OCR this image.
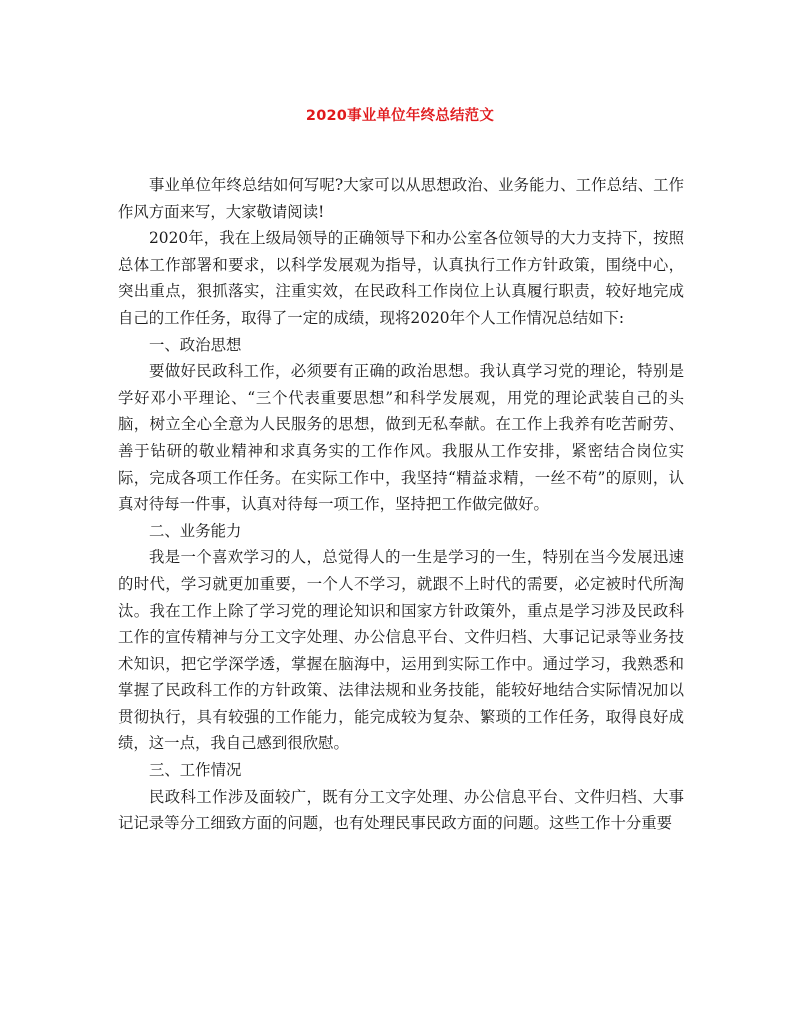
2020事业单位年终总结范文

事业单位年终总结如何写呢?大家可以从思想政治、业务能力、工作总结、工作作风方面来写，大家敬请阅读!

2020年，我在上级局领导的正确领导下和办公室各位领导的大力支持下，按照总体工作部署和要求，以科学发展观为指导，认真执行工作方针政策，围绕中心，突出重点，狠抓落实，注重实效，在民政科工作岗位上认真履行职责，较好地完成自己的工作任务，取得了一定的成绩，现将2020年个人工作情况总结如下:

一、政治思想

要做好民政科工作，必须要有正确的政治思想。我认真学习党的理论，特别是学好邓小平理论、“三个代表重要思想”和科学发展观，用党的理论武装自己的头脑，树立全心全意为人民服务的思想，做到无私奉献。在工作上我养有吃苦耐劳、善于钻研的敬业精神和求真务实的工作作风。我服从工作安排，紧密结合岗位实际，完成各项工作任务。在实际工作中，我坚持“精益求精，一丝不苟”的原则，认真对待每一件事，认真对待每一项工作，坚持把工作做完做好。

二、业务能力

我是一个喜欢学习的人，总觉得人的一生是学习的一生，特别在当今发展迅速的时代，学习就更加重要，一个人不学习，就跟不上时代的需要，必定被时代所淘汰。我在工作上除了学习党的理论知识和国家方针政策外，重点是学习涉及民政科工作的宣传精神与分工文字处理、办公信息平台、文件归档、大事记记录等业务技术知识，把它学深学透，掌握在脑海中，运用到实际工作中。通过学习，我熟悉和掌握了民政科工作的方针政策、法律法规和业务技能，能较好地结合实际情况加以贯彻执行，具有较强的工作能力，能完成较为复杂、繁琐的工作任务，取得良好成绩，这一点，我自己感到很欣慰。

三、工作情况

民政科工作涉及面较广，既有分工文字处理、办公信息平台、文件归档、大事记记录等分工细致方面的问题，也有处理民事民政方面的问题。这些工作十分重要
